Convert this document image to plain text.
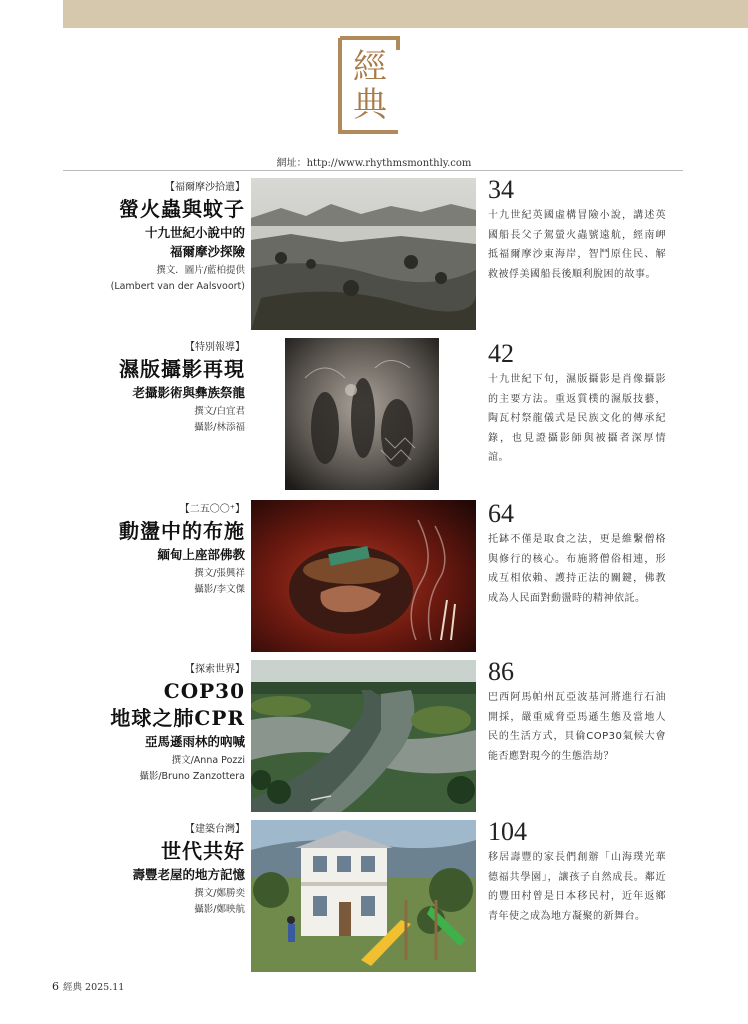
經
典
網址：http://www.rhythmsmonthly.com
【福爾摩沙拾遺】
螢火蟲與蚊子
十九世紀小說中的
福爾摩沙探險
撰文．圖片/藍柏提供
(Lambert van der Aalsvoort)
34
十九世紀英國虛構冒險小說，講述英國船長父子駕螢火蟲號遠航，經南岬抵福爾摩沙東海岸，智鬥原住民、解救被俘美國船長後順利脫困的故事。
【特別報導】
濕版攝影再現
老攝影術與彝族祭龍
撰文/白宜君
攝影/林添福
42
十九世紀下旬，濕版攝影是肖像攝影的主要方法。重返質樸的濕版技藝，陶瓦村祭龍儀式是民族文化的傳承紀錄，也見證攝影師與被攝者深厚情誼。
【二五〇〇⁺】
動盪中的布施
緬甸上座部佛教
撰文/張興祥
攝影/李文傑
64
托缽不僅是取食之法，更是維繫僧格與修行的核心。布施將僧俗相連，形成互相依賴、護持正法的關鍵，佛教成為人民面對動盪時的精神依託。
【探索世界】
COP30
地球之肺CPR
亞馬遜雨林的吶喊
撰文/Anna Pozzi
攝影/Bruno Zanzottera
86
巴西阿馬帕州瓦亞波基河將進行石油開採，嚴重威脅亞馬遜生態及當地人民的生活方式，貝倫COP30氣候大會能否應對現今的生態浩劫？
【建築台灣】
世代共好
壽豐老屋的地方記憶
撰文/鄭勝奕
攝影/鄭映航
104
移居壽豐的家長們創辦「山海璞光華德福共學園」，讓孩子自然成長。鄰近的豐田村曾是日本移民村，近年返鄉青年使之成為地方凝聚的新舞台。
6 經典 2025.11
